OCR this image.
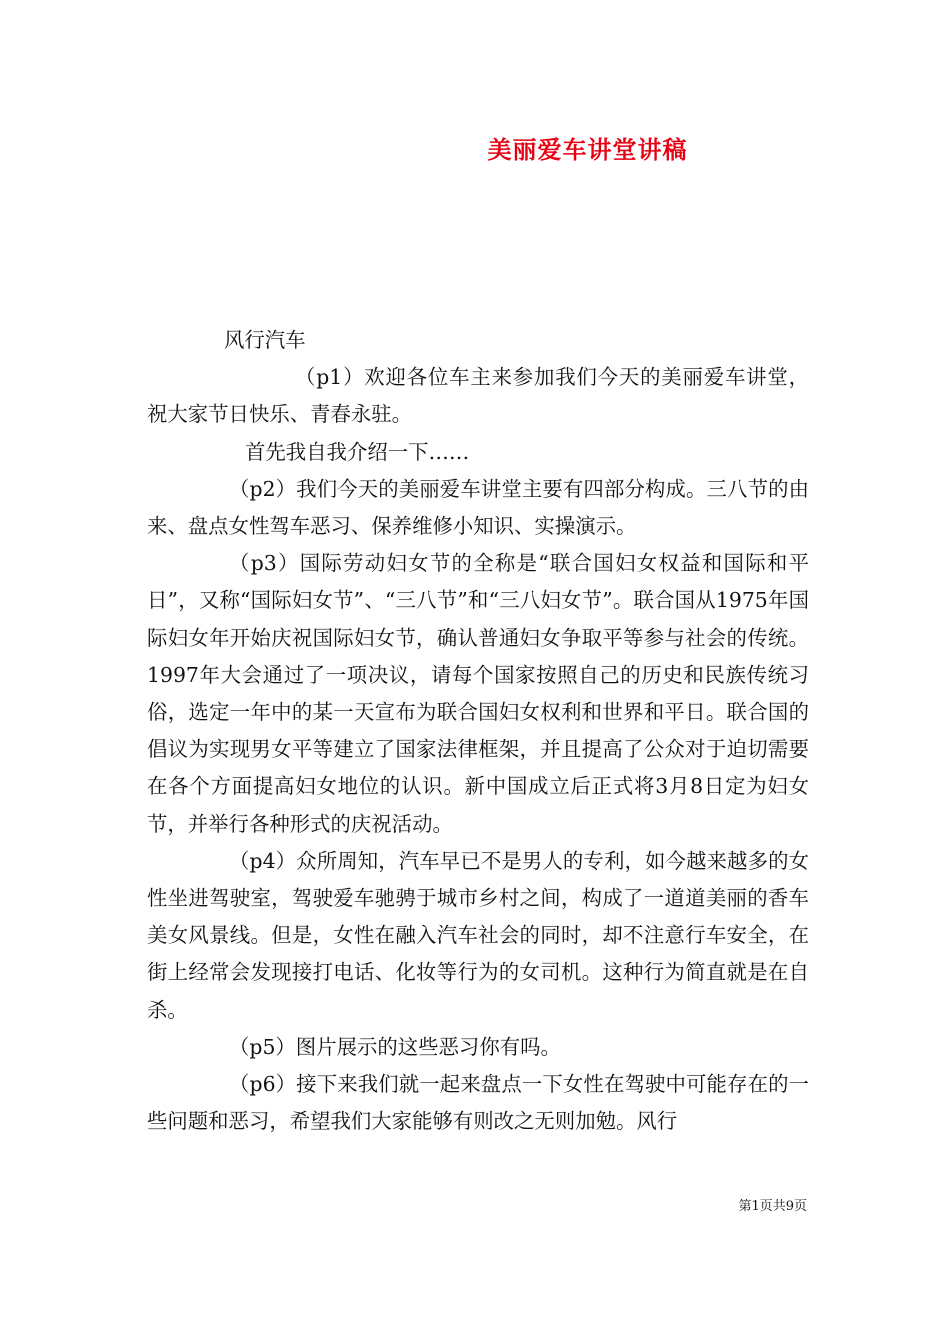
美丽爱车讲堂讲稿

风行汽车

（p1）欢迎各位车主来参加我们今天的美丽爱车讲堂，祝大家节日快乐、青春永驻。

首先我自我介绍一下……

（p2）我们今天的美丽爱车讲堂主要有四部分构成。三八节的由来、盘点女性驾车恶习、保养维修小知识、实操演示。

（p3）国际劳动妇女节的全称是“联合国妇女权益和国际和平日”，又称“国际妇女节”、“三八节”和“三八妇女节”。联合国从1975年国际妇女年开始庆祝国际妇女节，确认普通妇女争取平等参与社会的传统。1997年大会通过了一项决议，请每个国家按照自己的历史和民族传统习俗，选定一年中的某一天宣布为联合国妇女权利和世界和平日。联合国的倡议为实现男女平等建立了国家法律框架，并且提高了公众对于迫切需要在各个方面提高妇女地位的认识。新中国成立后正式将3月8日定为妇女节，并举行各种形式的庆祝活动。

（p4）众所周知，汽车早已不是男人的专利，如今越来越多的女性坐进驾驶室，驾驶爱车驰骋于城市乡村之间，构成了一道道美丽的香车美女风景线。但是，女性在融入汽车社会的同时，却不注意行车安全，在街上经常会发现接打电话、化妆等行为的女司机。这种行为简直就是在自杀。

（p5）图片展示的这些恶习你有吗。

（p6）接下来我们就一起来盘点一下女性在驾驶中可能存在的一些问题和恶习，希望我们大家能够有则改之无则加勉。风行

第1页共9页
